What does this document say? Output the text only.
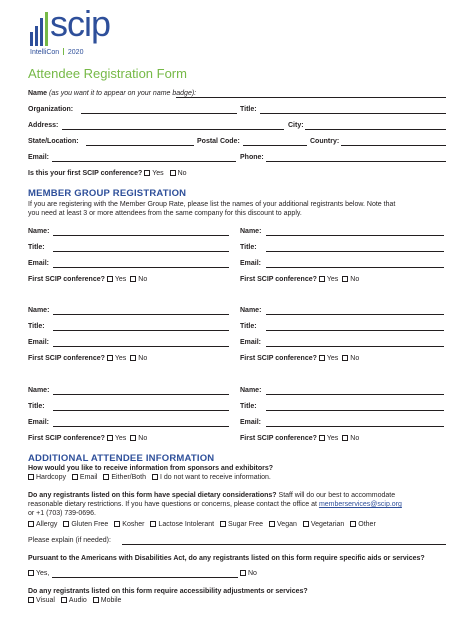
scip
IntelliCon 2020
Attendee Registration Form
Name (as you want it to appear on your name badge):
Organization:	Title:
Address:	City:
State/Location:	Postal Code:	Country:
Email:	Phone:
Is this your first SCIP conference? Yes No
MEMBER GROUP REGISTRATION
If you are registering with the Member Group Rate, please list the names of your additional registrants below. Note that
you need at least 3 or more attendees from the same company for this discount to apply.
Name:
Title:
Email:
First SCIP conference? Yes No
Name:
Title:
Email:
First SCIP conference? Yes No
Name:
Title:
Email:
First SCIP conference? Yes No
Name:
Title:
Email:
First SCIP conference? Yes No
Name:
Title:
Email:
First SCIP conference? Yes No
Name:
Title:
Email:
First SCIP conference? Yes No
ADDITIONAL ATTENDEE INFORMATION
How would you like to receive information from sponsors and exhibitors?
Hardcopy Email Either/Both I do not want to receive information.
Do any registrants listed on this form have special dietary considerations? Staff will do our best to accommodate
reasonable dietary restrictions. If you have questions or concerns, please contact the office at memberservices@scip.org
or +1 (703) 739-0696.
Allergy Gluten Free Kosher Lactose Intolerant Sugar Free Vegan Vegetarian Other
Please explain (if needed):
Pursuant to the Americans with Disabilities Act, do any registrants listed on this form require specific aids or services?
Yes,	No
Do any registrants listed on this form require accessibility adjustments or services?
Visual Audio Mobile
